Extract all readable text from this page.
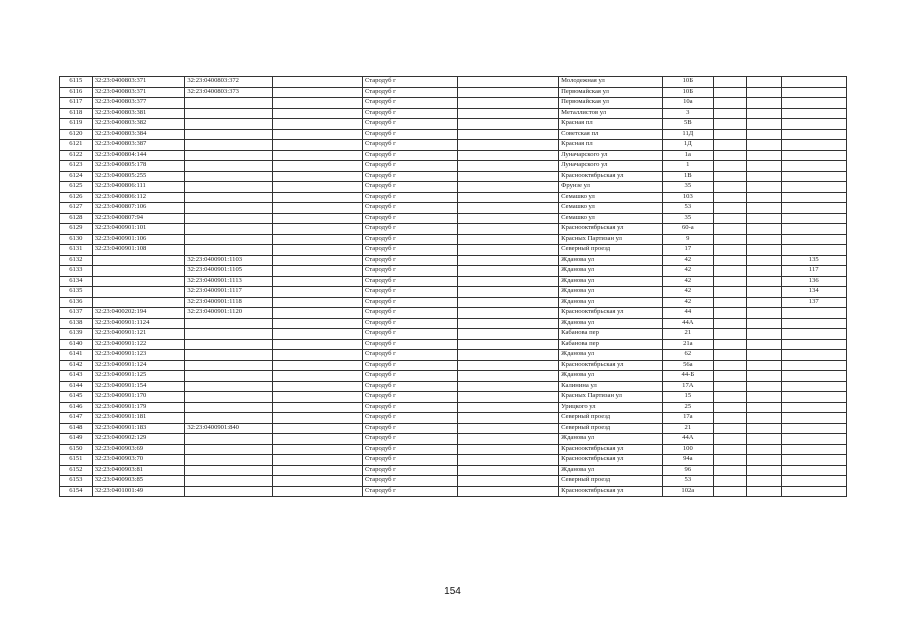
6115	32:23:0400803:371	32:23:0400803:372		Стародуб г		Молодежная ул	10Б			
6116	32:23:0400803:371	32:23:0400803:373		Стародуб г		Первомайская ул	10Б			
6117	32:23:0400803:377			Стародуб г		Первомайская ул	10а			
6118	32:23:0400803:381			Стародуб г		Металлистов ул	3			
6119	32:23:0400803:382			Стародуб г		Красная пл	5В			
6120	32:23:0400803:384			Стародуб г		Советская пл	11Д			
6121	32:23:0400803:387			Стародуб г		Красная пл	1Д			
6122	32:23:0400804:144			Стародуб г		Луначарского ул	1а			
6123	32:23:0400805:178			Стародуб г		Луначарского ул	1			
6124	32:23:0400805:255			Стародуб г		Красноoктябрьская ул	1В			
6125	32:23:0400806:111			Стародуб г		Фрунзе ул	35			
6126	32:23:0400806:112			Стародуб г		Семашко ул	103			
6127	32:23:0400807:106			Стародуб г		Семашко ул	53			
6128	32:23:0400807:94			Стародуб г		Семашко ул	35			
6129	32:23:0400901:101			Стародуб г		Красноoктябрьская ул	60-а			
6130	32:23:0400901:106			Стародуб г		Красных Партизан ул	9			
6131	32:23:0400901:108			Стародуб г		Северный проезд	17			
6132		32:23:0400901:1103		Стародуб г		Жданова ул	42			135
6133		32:23:0400901:1105		Стародуб г		Жданова ул	42			117
6134		32:23:0400901:1113		Стародуб г		Жданова ул	42			136
6135		32:23:0400901:1117		Стародуб г		Жданова ул	42			134
6136		32:23:0400901:1118		Стародуб г		Жданова ул	42			137
6137	32:23:0400202:194	32:23:0400901:1120		Стародуб г		Красноoктябрьская ул	44			
6138	32:23:0400901:1124			Стародуб г		Жданова ул	44А			
6139	32:23:0400901:121			Стародуб г		Кабанова пер	21			
6140	32:23:0400901:122			Стародуб г		Кабанова пер	21а			
6141	32:23:0400901:123			Стародуб г		Жданова ул	62			
6142	32:23:0400901:124			Стародуб г		Красноoктябрьская ул	56а			
6143	32:23:0400901:125			Стародуб г		Жданова ул	44-Б			
6144	32:23:0400901:154			Стародуб г		Калинина ул	17А			
6145	32:23:0400901:170			Стародуб г		Красных Партизан ул	15			
6146	32:23:0400901:179			Стародуб г		Урицкого ул	25			
6147	32:23:0400901:181			Стародуб г		Северный проезд	17а			
6148	32:23:0400901:183	32:23:0400901:840		Стародуб г		Северный проезд	21			
6149	32:23:0400902:129			Стародуб г		Жданова ул	44А			
6150	32:23:0400903:69			Стародуб г		Красноoктябрьская ул	100			
6151	32:23:0400903:70			Стародуб г		Красноoктябрьская ул	94а			
6152	32:23:0400903:81			Стародуб г		Жданова ул	96			
6153	32:23:0400903:85			Стародуб г		Северный проезд	53			
6154	32:23:0401001:49			Стародуб г		Красноoктябрьская ул	102а			
154
